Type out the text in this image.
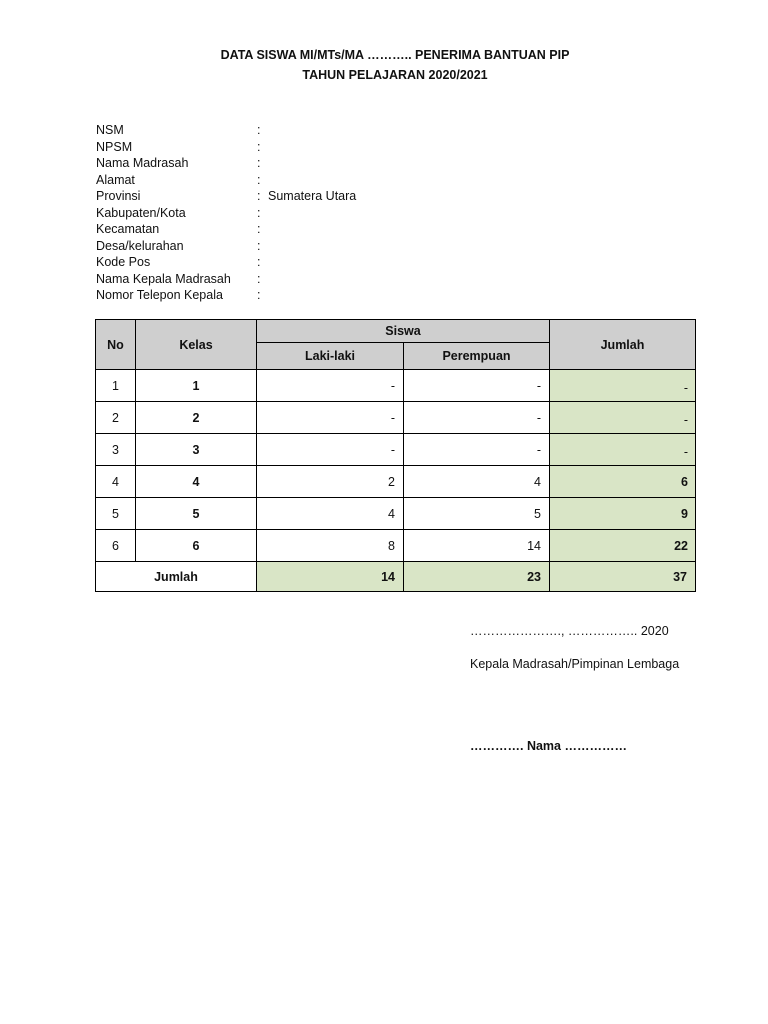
DATA SISWA MI/MTs/MA ……….. PENERIMA BANTUAN PIP
TAHUN PELAJARAN 2020/2021
NSM	:
NPSM	:
Nama Madrasah	:
Alamat	:
Provinsi	: Sumatera Utara
Kabupaten/Kota	:
Kecamatan	:
Desa/kelurahan	:
Kode Pos	:
Nama Kepala Madrasah :
Nomor Telepon Kepala	:
No	Kelas	Siswa		Jumlah
		Laki-laki	Perempuan	
1	1	-	-	-
2	2	-	-	-
3	3	-	-	-
4	4	2	4	6
5	5	4	5	9
6	6	8	14	22
Jumlah		14	23	37
…………………., …………….. 2020
Kepala Madrasah/Pimpinan Lembaga
…………. Nama ……………
